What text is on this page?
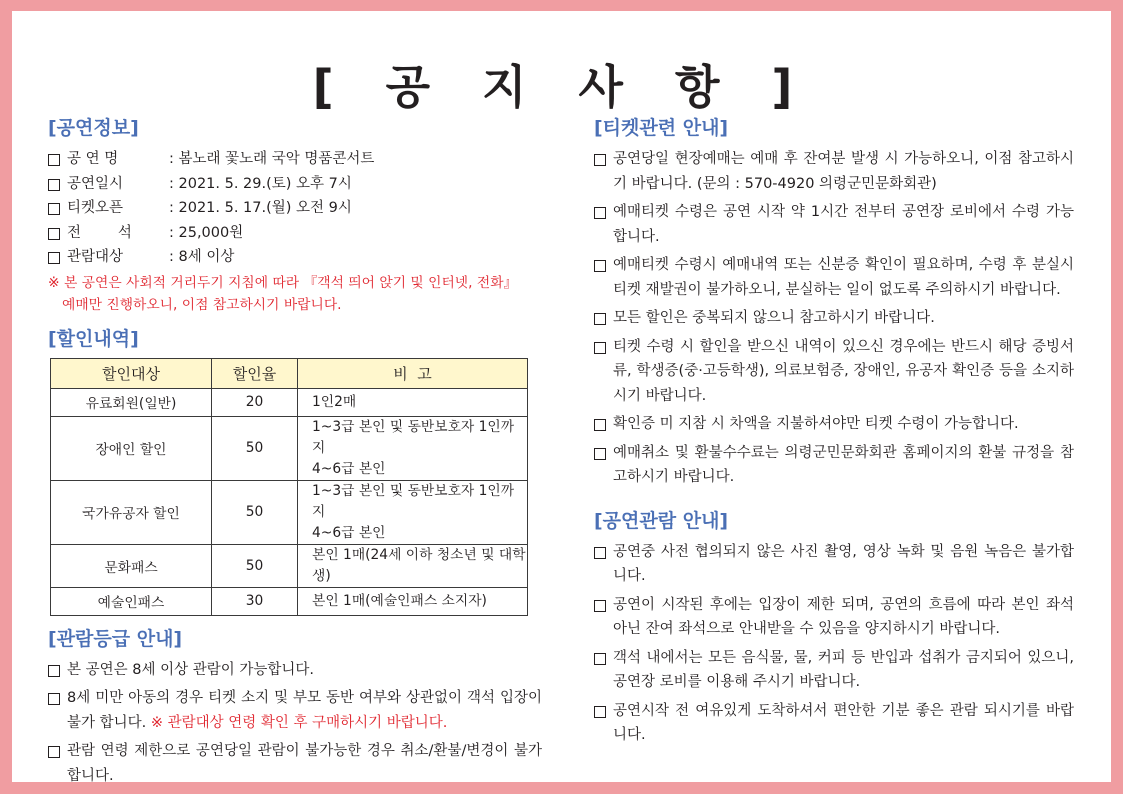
[ 공 지 사 항 ]
[공연정보]
공 연 명	: 봄노래 꽃노래 국악 명품콘서트
공연일시	: 2021. 5. 29.(토) 오후 7시
티켓오픈	: 2021. 5. 17.(월) 오전 9시
전        석	: 25,000원
관람대상	: 8세 이상
※ 본 공연은 사회적 거리두기 지침에 따라 『객석 띄어 앉기 및 인터넷, 전화』
예매만 진행하오니, 이점 참고하시기 바랍니다.
[할인내역]
할인대상	할인율	비  고
유료회원(일반)	20	1인2매

장애인 할인	50	1~3급 본인 및 동반보호자 1인까지
4~6급 본인

국가유공자 할인	50	1~3급 본인 및 동반보호자 1인까지
4~6급 본인

문화패스	50	본인 1매(24세 이하 청소년 및 대학생)

예술인패스	30	본인 1매(예술인패스 소지자)
[관람등급 안내]
본 공연은 8세 이상 관람이 가능합니다.
8세 미만 아동의 경우 티켓 소지 및 부모 동반 여부와 상관없이 객석 입장이 불가 합니다. ※ 관람대상 연령 확인 후 구매하시기 바랍니다.
관람 연령 제한으로 공연당일 관람이 불가능한 경우 취소/환불/변경이 불가합니다.
[티켓관련 안내]
공연당일 현장예매는 예매 후 잔여분 발생 시 가능하오니, 이점 참고하시기 바랍니다. (문의 : 570-4920 의령군민문화회관)
예매티켓 수령은 공연 시작 약 1시간 전부터 공연장 로비에서 수령 가능합니다.
예매티켓 수령시 예매내역 또는 신분증 확인이 필요하며, 수령 후 분실시 티켓 재발권이 불가하오니, 분실하는 일이 없도록 주의하시기 바랍니다.
모든 할인은 중복되지 않으니 참고하시기 바랍니다.
티켓 수령 시 할인을 받으신 내역이 있으신 경우에는 반드시 해당 증빙서류, 학생증(중·고등학생), 의료보험증, 장애인, 유공자 확인증 등을 소지하시기 바랍니다.
확인증 미 지참 시 차액을 지불하셔야만 티켓 수령이 가능합니다.
예매취소 및 환불수수료는 의령군민문화회관 홈페이지의 환불 규정을 참고하시기 바랍니다.
[공연관람 안내]
공연중 사전 협의되지 않은 사진 촬영, 영상 녹화 및 음원 녹음은 불가합니다.
공연이 시작된 후에는 입장이 제한 되며, 공연의 흐름에 따라 본인 좌석 아닌 잔여 좌석으로 안내받을 수 있음을 양지하시기 바랍니다.
객석 내에서는 모든 음식물, 물, 커피 등 반입과 섭취가 금지되어 있으니, 공연장 로비를 이용해 주시기 바랍니다.
공연시작 전 여유있게 도착하셔서 편안한 기분 좋은 관람 되시기를 바랍니다.
